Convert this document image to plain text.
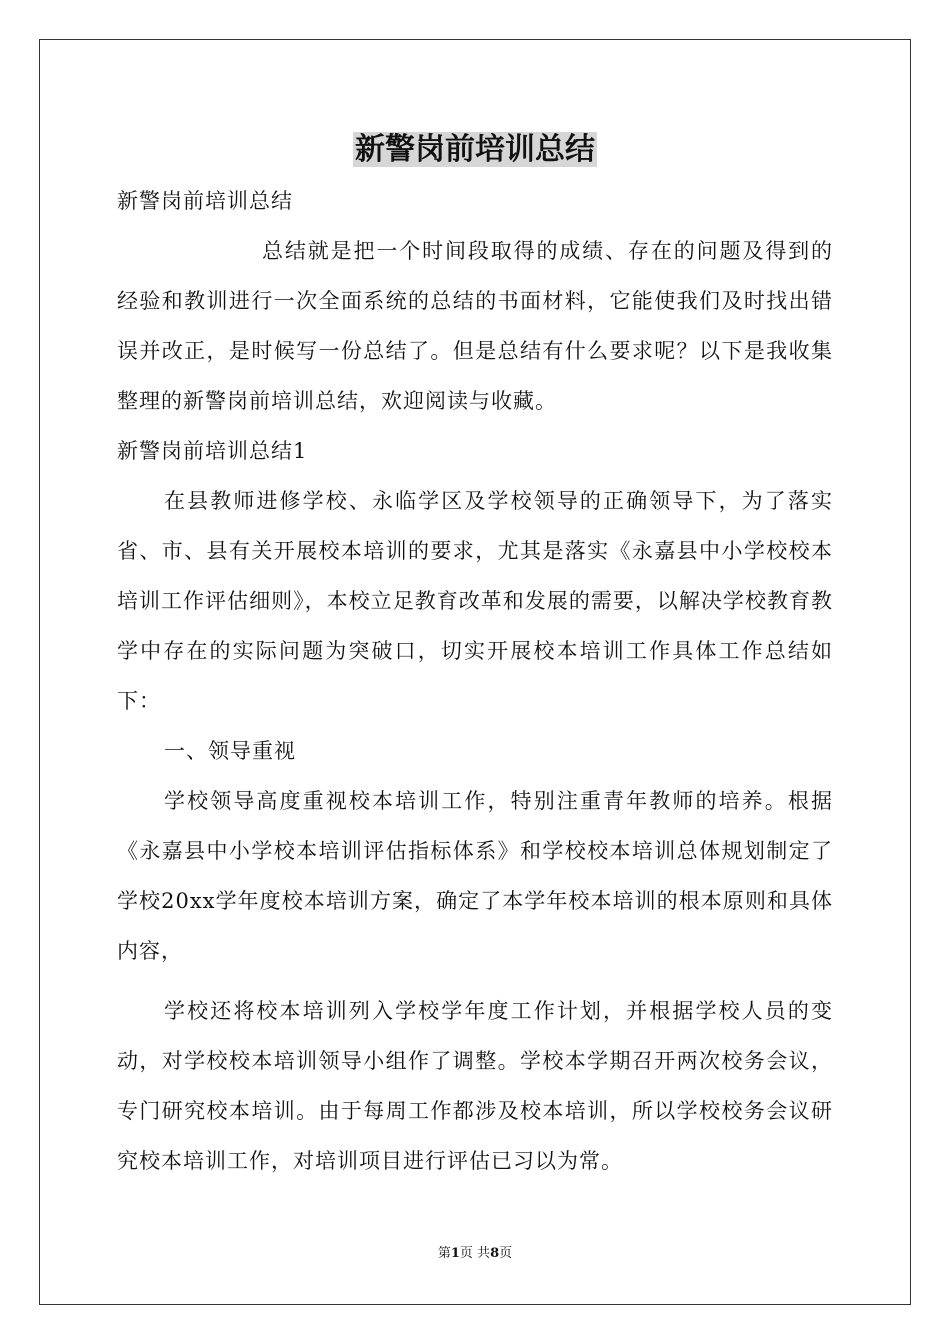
新警岗前培训总结

新警岗前培训总结

总结就是把一个时间段取得的成绩、存在的问题及得到的经验和教训进行一次全面系统的总结的书面材料，它能使我们及时找出错误并改正，是时候写一份总结了。但是总结有什么要求呢？以下是我收集整理的新警岗前培训总结，欢迎阅读与收藏。

新警岗前培训总结1

在县教师进修学校、永临学区及学校领导的正确领导下，为了落实省、市、县有关开展校本培训的要求，尤其是落实《永嘉县中小学校校本培训工作评估细则》，本校立足教育改革和发展的需要，以解决学校教育教学中存在的实际问题为突破口，切实开展校本培训工作具体工作总结如下：

一、领导重视

学校领导高度重视校本培训工作，特别注重青年教师的培养。根据《永嘉县中小学校本培训评估指标体系》和学校校本培训总体规划制定了学校20xx学年度校本培训方案，确定了本学年校本培训的根本原则和具体内容，

学校还将校本培训列入学校学年度工作计划，并根据学校人员的变动，对学校校本培训领导小组作了调整。学校本学期召开两次校务会议，专门研究校本培训。由于每周工作都涉及校本培训，所以学校校务会议研究校本培训工作，对培训项目进行评估已习以为常。

第1页 共8页
